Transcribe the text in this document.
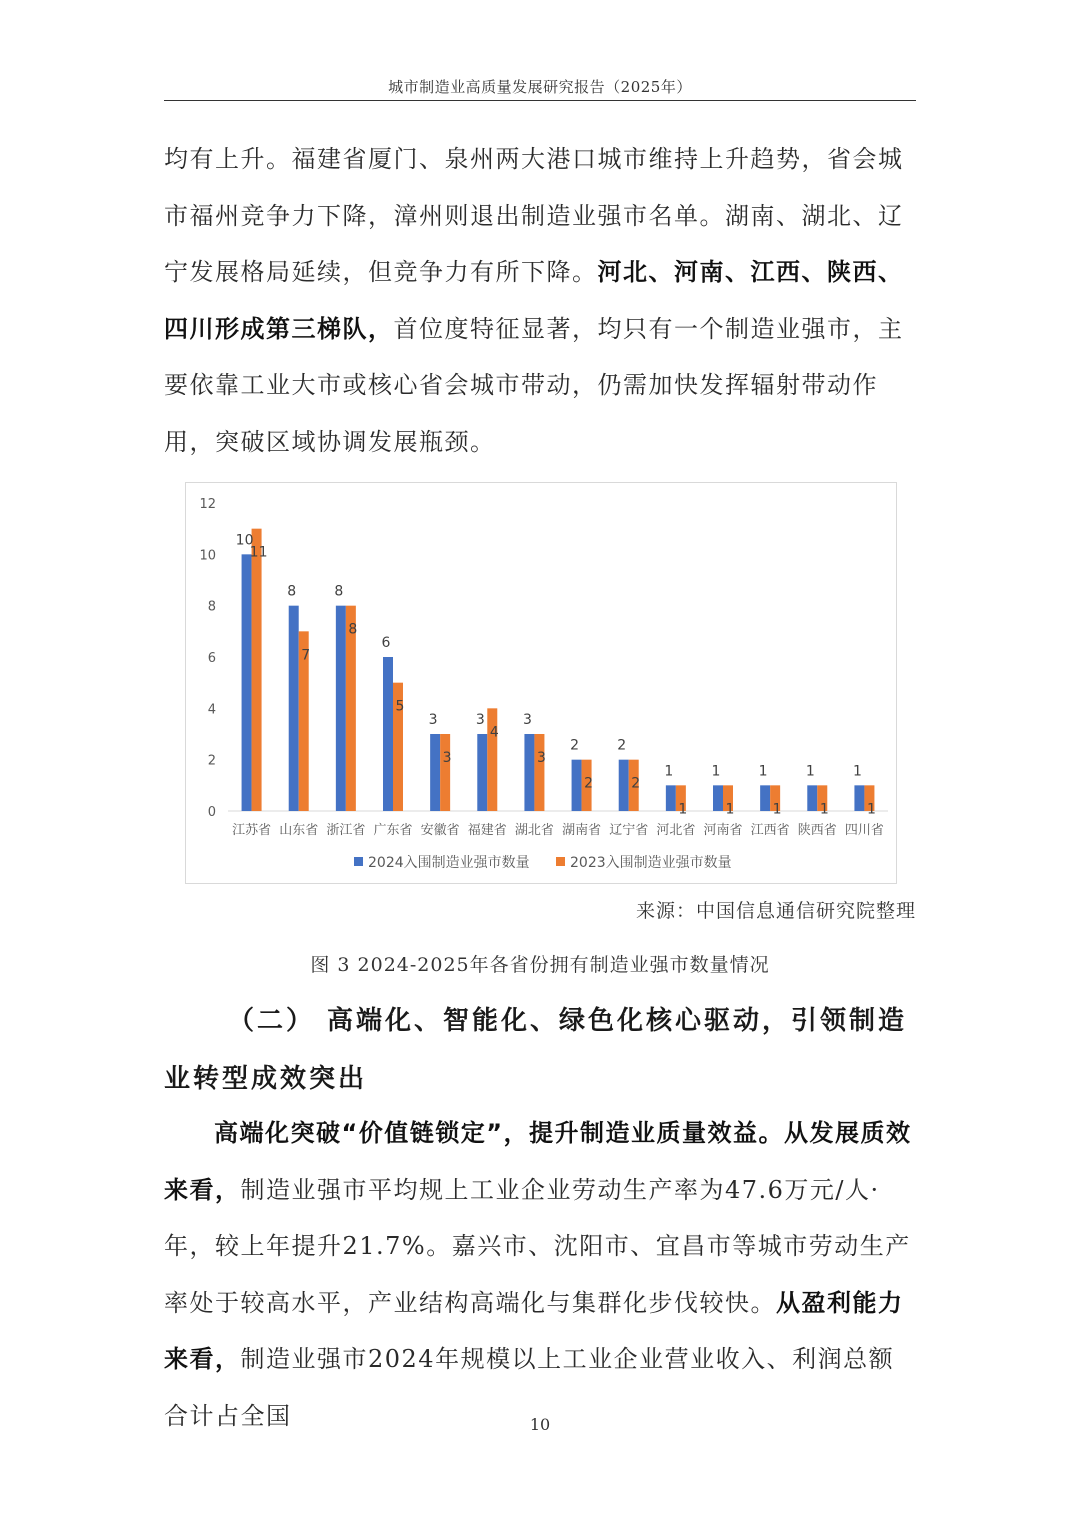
城市制造业高质量发展研究报告（2025年）
均有上升。福建省厦门、泉州两大港口城市维持上升趋势，省会城市福州竞争力下降，漳州则退出制造业强市名单。湖南、湖北、辽宁发展格局延续，但竞争力有所下降。河北、河南、江西、陕西、四川形成第三梯队，首位度特征显著，均只有一个制造业强市，主要依靠工业大市或核心省会城市带动，仍需加快发挥辐射带动作用，突破区域协调发展瓶颈。
0
2
4
6
8
10
12
10
11
江苏省
8
7
山东省
8
8
浙江省
6
5
广东省
3
3
安徽省
3
4
福建省
3
3
湖北省
2
2
湖南省
2
2
辽宁省
1
1
河北省
1
1
河南省
1
1
江西省
1
1
陕西省
1
1
四川省
2024入围制造业强市数量	2023入围制造业强市数量
来源：中国信息通信研究院整理
图 3 2024-2025年各省份拥有制造业强市数量情况
（二） 高端化、智能化、绿色化核心驱动，引领制造业转型成效突出
高端化突破“价值链锁定”，提升制造业质量效益。从发展质效来看，制造业强市平均规上工业企业劳动生产率为47.6万元/人·年，较上年提升21.7%。嘉兴市、沈阳市、宜昌市等城市劳动生产率处于较高水平，产业结构高端化与集群化步伐较快。从盈利能力来看，制造业强市2024年规模以上工业企业营业收入、利润总额合计占全国	10
